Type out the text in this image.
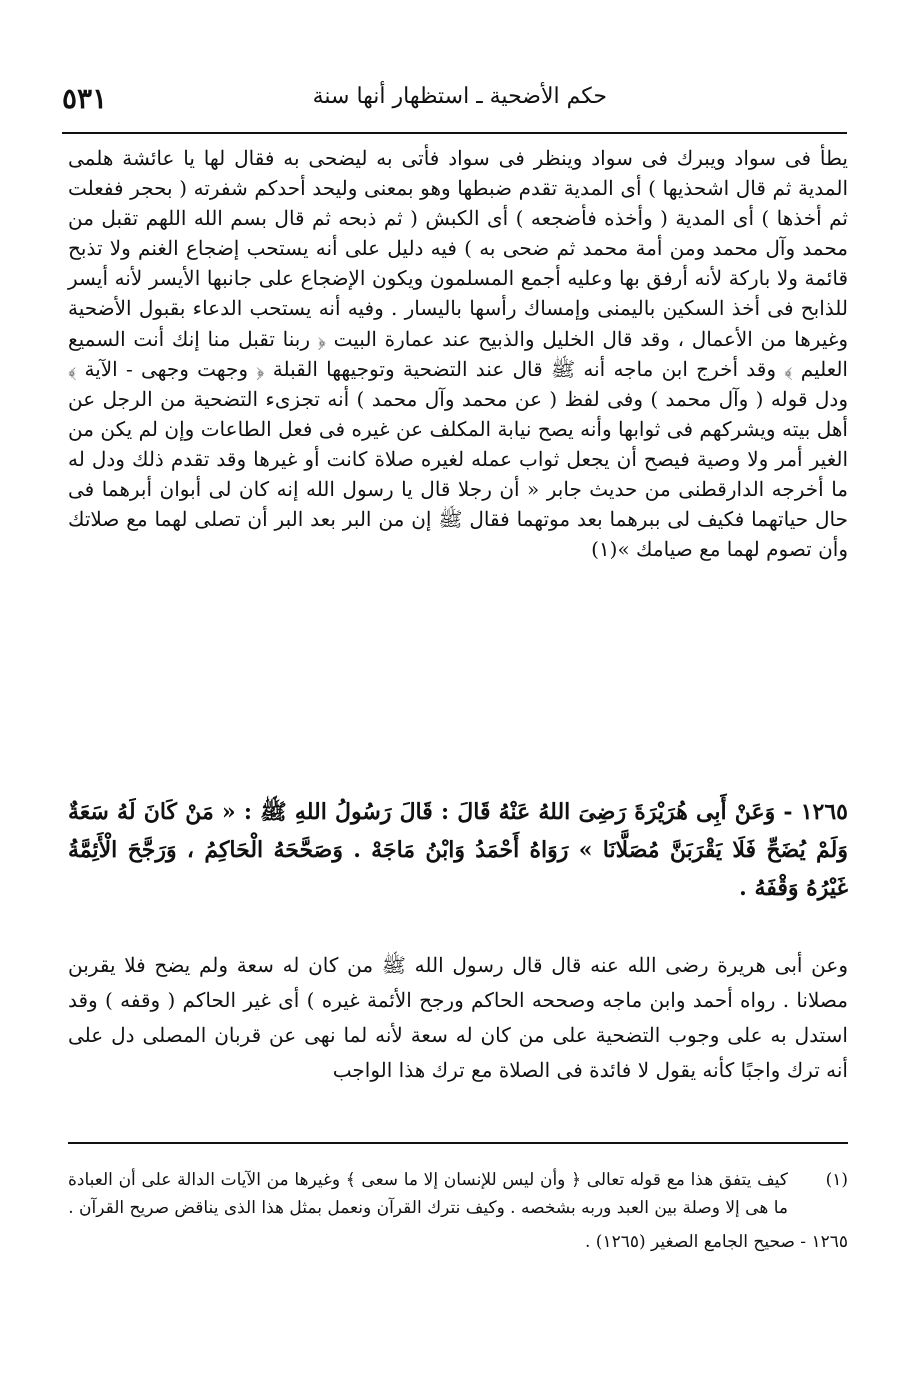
٥٣١	حكم الأضحية ـ استظهار أنها سنة

يطأ فى سواد ويبرك فى سواد وينظر فى سواد فأتى به ليضحى به فقال لها يا عائشة هلمى المدية ثم قال اشحذيها ) أى المدية تقدم ضبطها وهو بمعنى وليحد أحدكم شفرته ( بحجر ففعلت ثم أخذها ) أى المدية ( وأخذه فأضجعه ) أى الكبش ( ثم ذبحه ثم قال بسم الله اللهم تقبل من محمد وآل محمد ومن أمة محمد ثم ضحى به ) فيه دليل على أنه يستحب إضجاع الغنم ولا تذبح قائمة ولا باركة لأنه أرفق بها وعليه أجمع المسلمون ويكون الإضجاع على جانبها الأيسر لأنه أيسر للذابح فى أخذ السكين باليمنى وإمساك رأسها باليسار . وفيه أنه يستحب الدعاء بقبول الأضحية وغيرها من الأعمال ، وقد قال الخليل والذبيح عند عمارة البيت ﴿ ربنا تقبل منا إنك أنت السميع العليم ﴾ وقد أخرج ابن ماجه أنه ﷺ قال عند التضحية وتوجيهها القبلة ﴿ وجهت وجهى - الآية ﴾ ودل قوله ( وآل محمد ) وفى لفظ ( عن محمد وآل محمد ) أنه تجزىء التضحية من الرجل عن أهل بيته ويشركهم فى ثوابها وأنه يصح نيابة المكلف عن غيره فى فعل الطاعات وإن لم يكن من الغير أمر ولا وصية فيصح أن يجعل ثواب عمله لغيره صلاة كانت أو غيرها وقد تقدم ذلك ودل له ما أخرجه الدارقطنى من حديث جابر « أن رجلا قال يا رسول الله إنه كان لى أبوان أبرهما فى حال حياتهما فكيف لى ببرهما بعد موتهما فقال ﷺ إن من البر بعد البر أن تصلى لهما مع صلاتك وأن تصوم لهما مع صيامك »(١)

١٢٦٥ - وَعَنْ أَبِى هُرَيْرَةَ رَضِىَ اللهُ عَنْهُ قَالَ : قَالَ رَسُولُ اللهِ ﷺ : « مَنْ كَانَ لَهُ سَعَةٌ وَلَمْ يُضَحِّ فَلَا يَقْرَبَنَّ مُصَلَّانَا » رَوَاهُ أَحْمَدُ وَابْنُ مَاجَهْ . وَصَحَّحَهُ الْحَاكِمُ ، وَرَجَّحَ الْأَئِمَّةُ غَيْرُهُ وَقْفَهُ .

وعن أبى هريرة رضى الله عنه قال قال رسول الله ﷺ من كان له سعة ولم يضح فلا يقربن مصلانا . رواه أحمد وابن ماجه وصححه الحاكم ورجح الأئمة غيره ) أى غير الحاكم ( وقفه ) وقد استدل به على وجوب التضحية على من كان له سعة لأنه لما نهى عن قربان المصلى دل على أنه ترك واجبًا كأنه يقول لا فائدة فى الصلاة مع ترك هذا الواجب

(١)
كيف يتفق هذا مع قوله تعالى ﴿ وأن ليس للإنسان إلا ما سعى ﴾ وغيرها من الآيات الدالة على أن العبادة ما هى إلا وصلة بين العبد وربه بشخصه . وكيف نترك القرآن ونعمل بمثل هذا الذى يناقض صريح القرآن .
١٢٦٥ - صحيح الجامع الصغير (١٢٦٥) .
